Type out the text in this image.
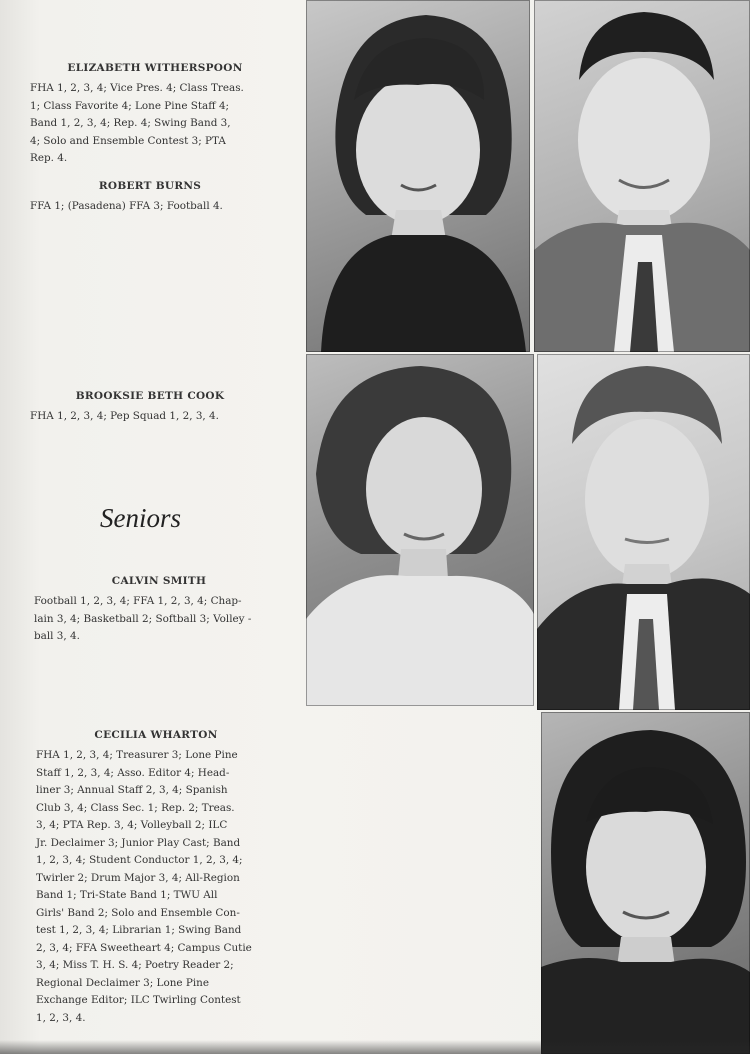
ELIZABETH WITHERSPOON
FHA 1, 2, 3, 4; Vice Pres. 4; Class Treas.
1; Class Favorite 4; Lone Pine Staff 4;
Band 1, 2, 3, 4; Rep. 4; Swing Band 3,
4; Solo and Ensemble Contest 3; PTA
Rep. 4.
ROBERT BURNS
FFA 1; (Pasadena) FFA 3; Football 4.
BROOKSIE BETH COOK
FHA 1, 2, 3, 4; Pep Squad 1, 2, 3, 4.
Seniors
CALVIN SMITH
Football 1, 2, 3, 4; FFA 1, 2, 3, 4; Chap-
lain 3, 4; Basketball 2; Softball 3; Volley -
ball 3, 4.
CECILIA WHARTON
FHA 1, 2, 3, 4; Treasurer 3; Lone Pine
Staff 1, 2, 3, 4; Asso. Editor 4; Head-
liner 3; Annual Staff 2, 3, 4; Spanish
Club 3, 4; Class Sec. 1; Rep. 2; Treas.
3, 4; PTA Rep. 3, 4; Volleyball 2; ILC
Jr. Declaimer 3; Junior Play Cast; Band
1, 2, 3, 4; Student Conductor 1, 2, 3, 4;
Twirler 2; Drum Major 3, 4; All-Region
Band 1; Tri-State Band 1; TWU All
Girls' Band 2; Solo and Ensemble Con-
test 1, 2, 3, 4; Librarian 1; Swing Band
2, 3, 4; FFA Sweetheart 4; Campus Cutie
3, 4; Miss T. H. S. 4; Poetry Reader 2;
Regional Declaimer 3; Lone Pine
Exchange Editor; ILC Twirling Contest
1, 2, 3, 4.
